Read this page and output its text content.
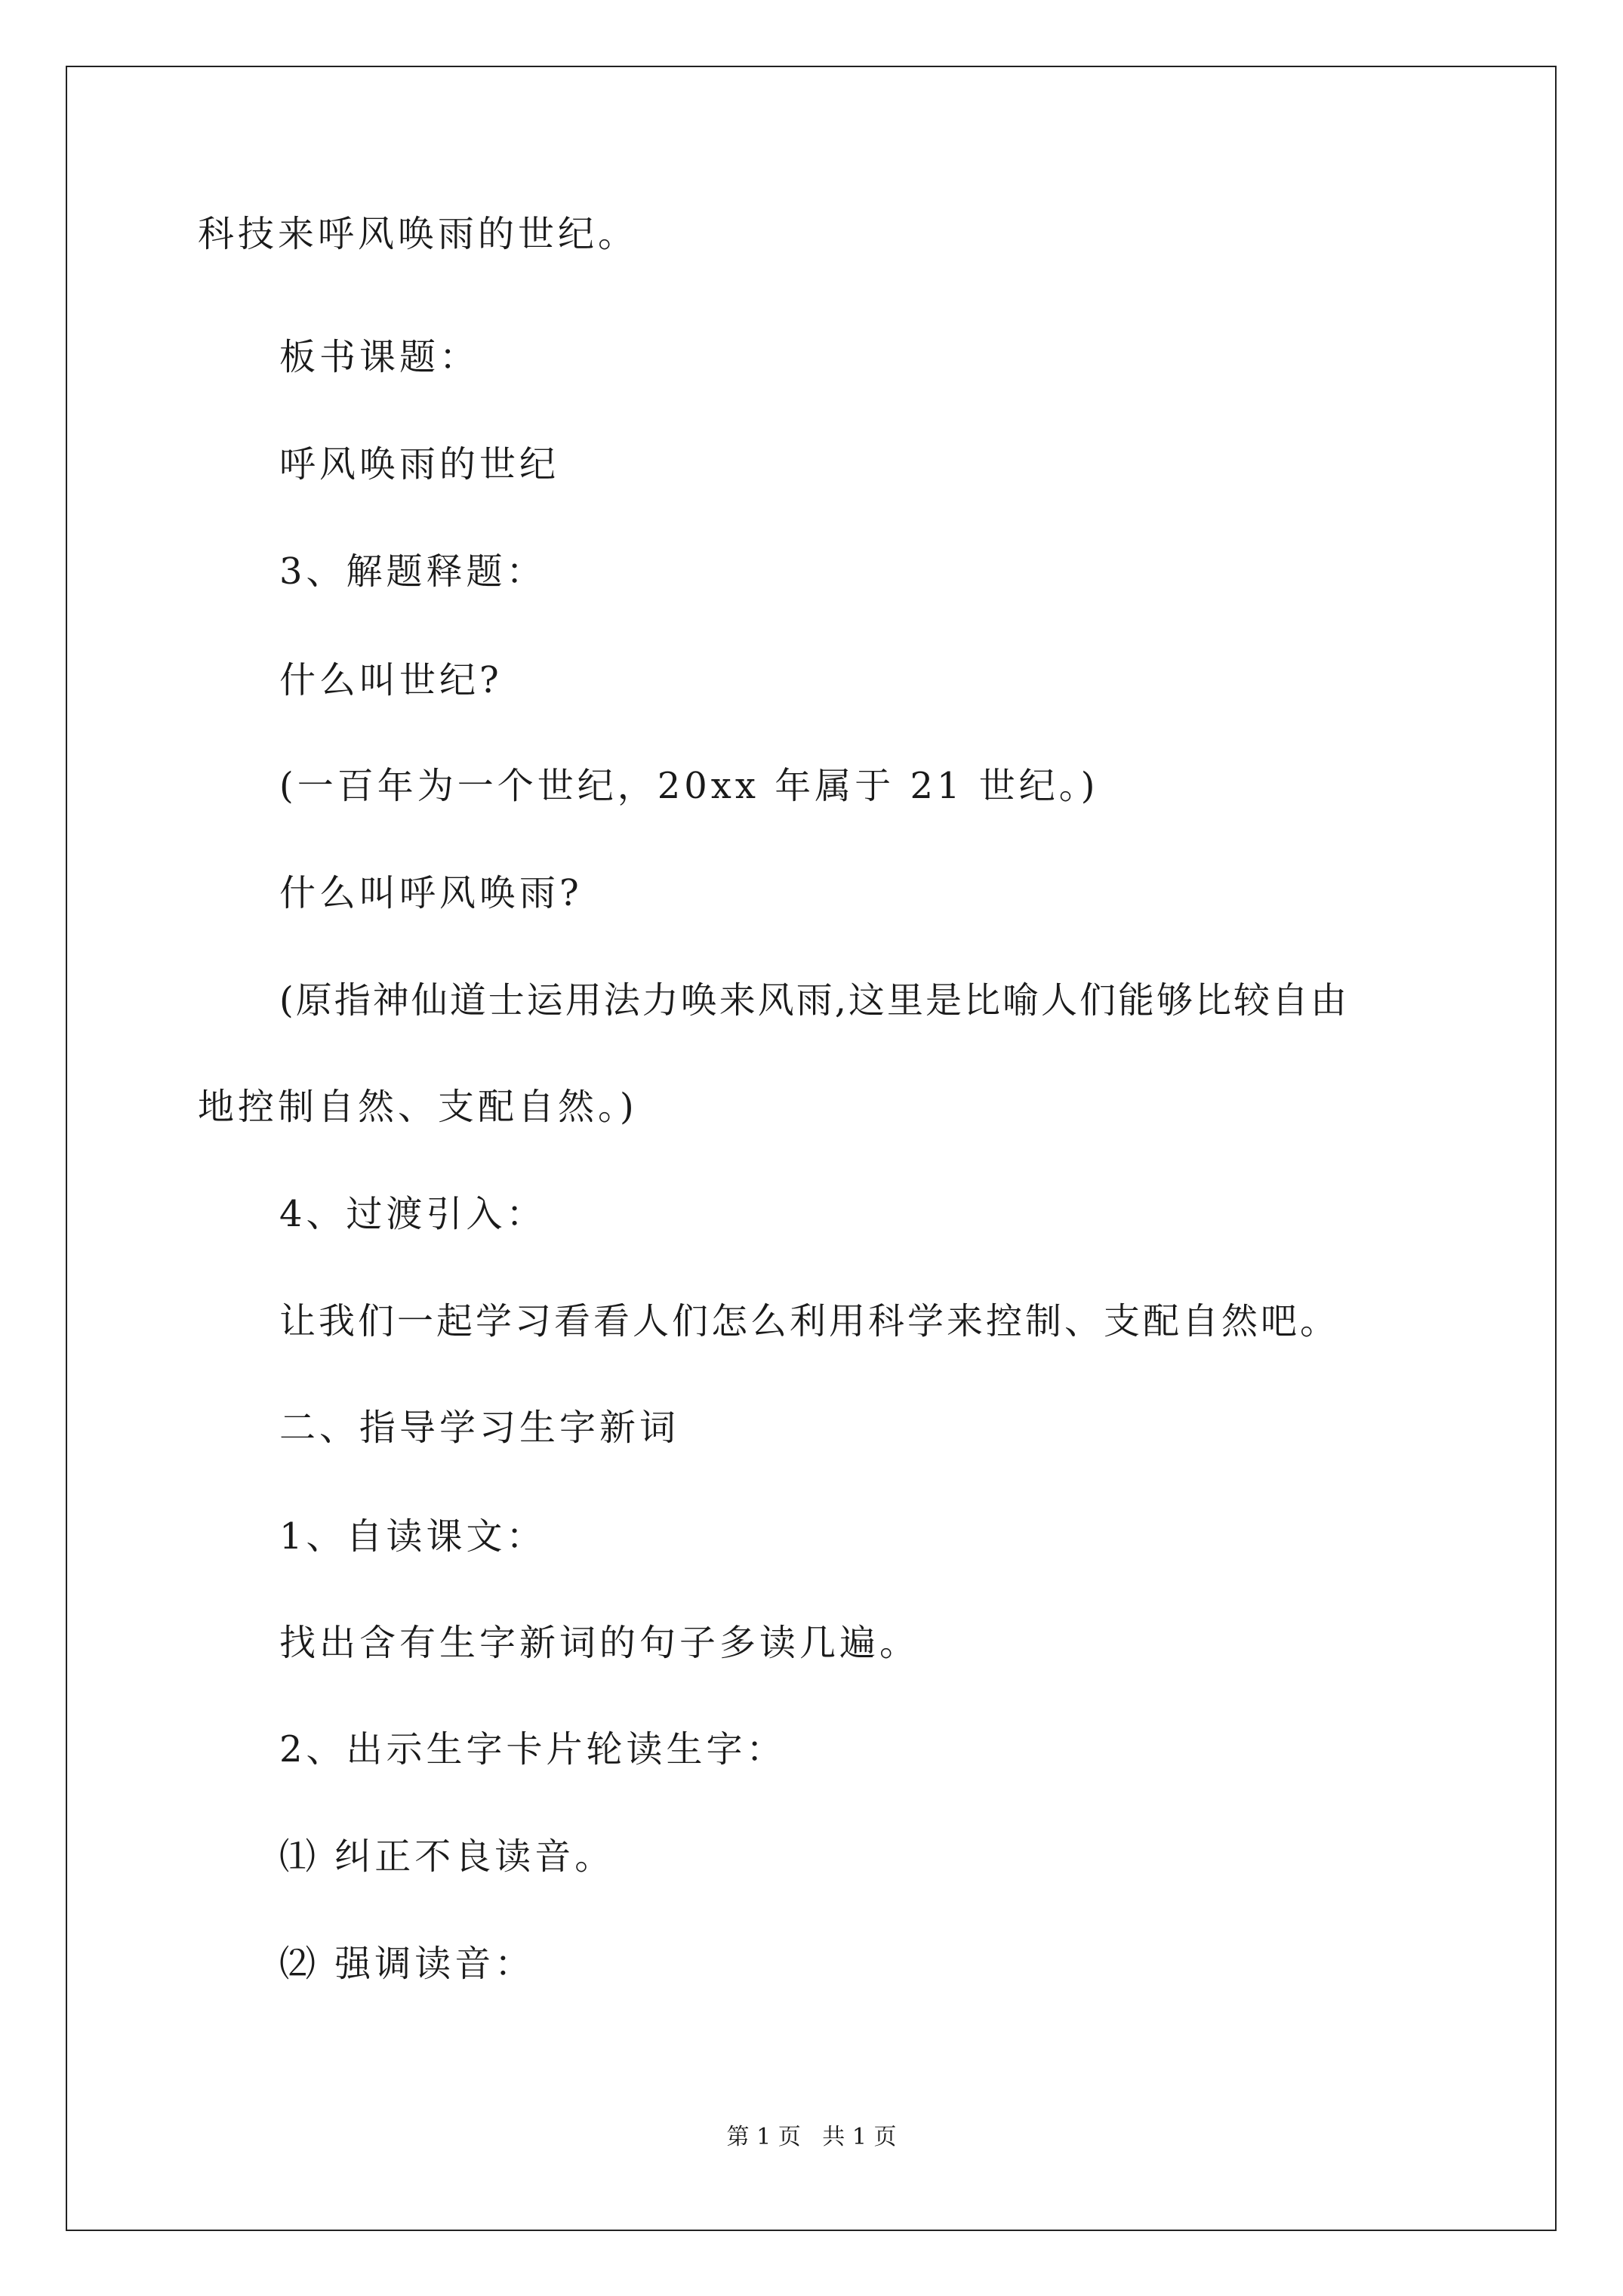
科技来呼风唤雨的世纪。
板书课题：
呼风唤雨的世纪
3、解题释题：
什么叫世纪?
(一百年为一个世纪，20xx 年属于 21 世纪。)
什么叫呼风唤雨?
(原指神仙道士运用法力唤来风雨,这里是比喻人们能够比较自由
地控制自然、支配自然。)
4、过渡引入：
让我们一起学习看看人们怎么利用科学来控制、支配自然吧。
二、指导学习生字新词
1、自读课文：
找出含有生字新词的句子多读几遍。
2、出示生字卡片轮读生字：
⑴ 纠正不良读音。
⑵ 强调读音：
第 1 页   共 1 页
